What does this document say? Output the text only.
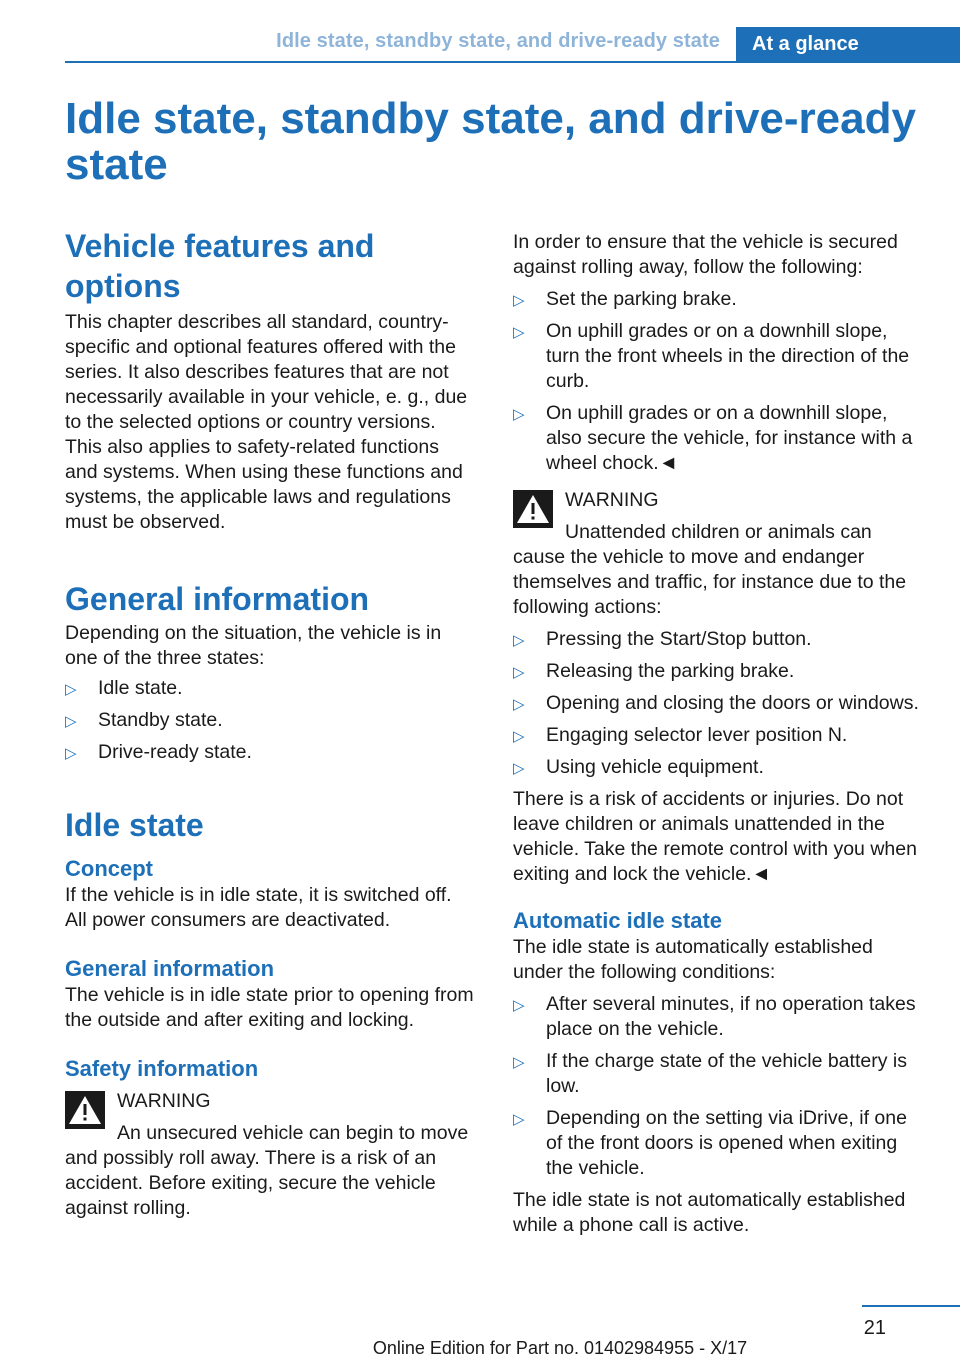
Idle state, standby state, and drive-ready state	At a glance
Idle state, standby state, and drive-ready state
Vehicle features and options

This chapter describes all standard, country-specific and optional features offered with the series. It also describes features that are not necessarily available in your vehicle, e. g., due to the selected options or country versions. This also applies to safety-related functions and systems. When using these functions and systems, the applicable laws and regulations must be observed.

General information

Depending on the situation, the vehicle is in one of the three states:

▷ Idle state.
▷ Standby state.
▷ Drive-ready state.
Idle state
Concept

If the vehicle is in idle state, it is switched off. All power consumers are deactivated.

General information

The vehicle is in idle state prior to opening from the outside and after exiting and locking.

Safety information
WARNING
An unsecured vehicle can begin to move and possibly roll away. There is a risk of an accident. Before exiting, secure the vehicle against rolling.

In order to ensure that the vehicle is secured against rolling away, follow the following:

▷ Set the parking brake.
▷ On uphill grades or on a downhill slope, turn the front wheels in the direction of the curb.
▷ On uphill grades or on a downhill slope, also secure the vehicle, for instance with a wheel chock.◄
WARNING
Unattended children or animals can cause the vehicle to move and endanger themselves and traffic, for instance due to the following actions:
▷ Pressing the Start/Stop button.
▷ Releasing the parking brake.
▷ Opening and closing the doors or windows.
▷ Engaging selector lever position N.
▷ Using vehicle equipment.

There is a risk of accidents or injuries. Do not leave children or animals unattended in the vehicle. Take the remote control with you when exiting and lock the vehicle.◄

Automatic idle state

The idle state is automatically established under the following conditions:

▷ After several minutes, if no operation takes place on the vehicle.
▷ If the charge state of the vehicle battery is low.
▷ Depending on the setting via iDrive, if one of the front doors is opened when exiting the vehicle.

The idle state is not automatically established while a phone call is active.

21
Online Edition for Part no. 01402984955 - X/17
